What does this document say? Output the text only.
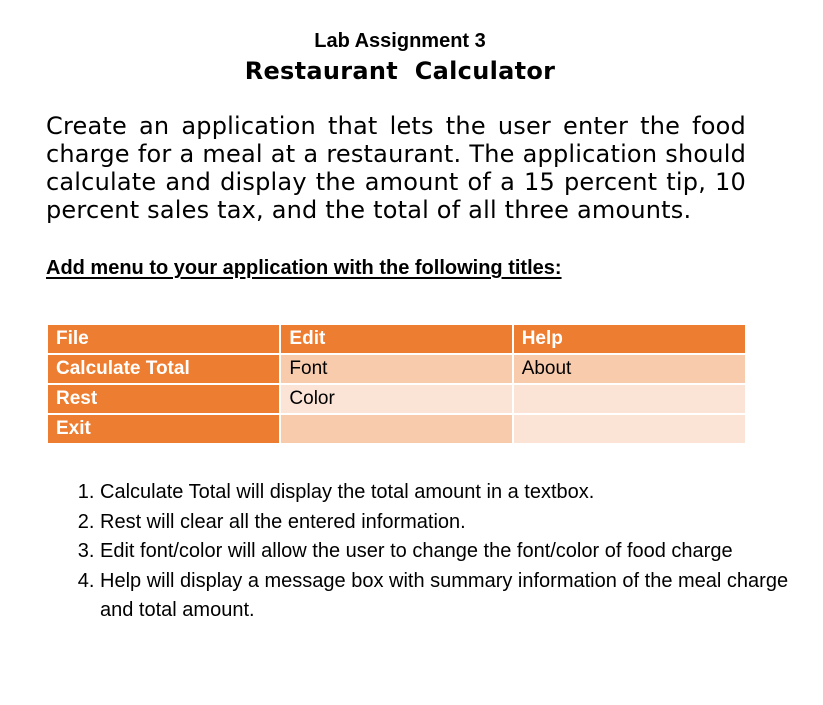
Lab Assignment 3
Restaurant Calculator
Create an application that lets the user enter the food charge for a meal at a restaurant. The application should calculate and display the amount of a 15 percent tip, 10 percent sales tax, and the total of all three amounts.
Add menu to your application with the following titles:
File	Edit	Help
Calculate Total	Font	About
Rest	Color	
Exit		
1. Calculate Total will display the total amount in a textbox.
2. Rest will clear all the entered information.
3. Edit font/color will allow the user to change the font/color of food charge
4. Help will display a message box with summary information of the meal charge and total amount.
